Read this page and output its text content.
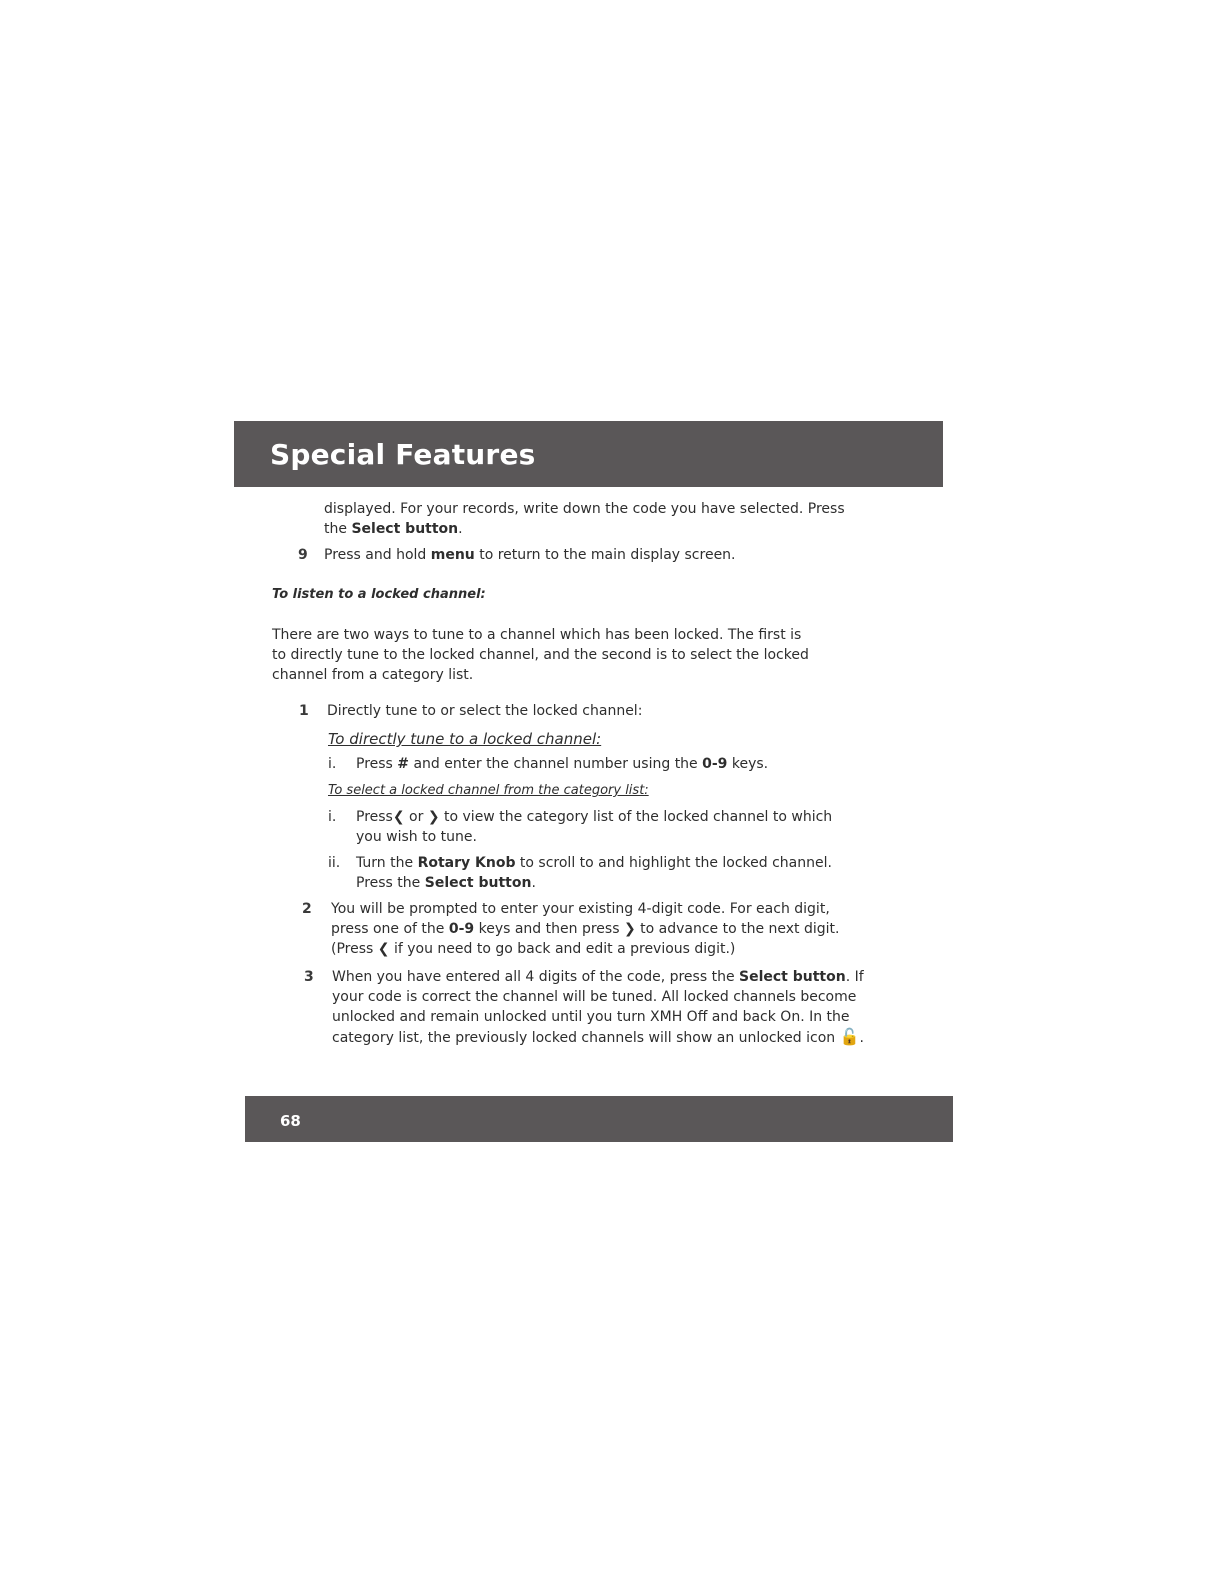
Special Features

displayed. For your records, write down the code you have selected. Press
the Select button.

9 Press and hold menu to return to the main display screen.

To listen to a locked channel:

There are two ways to tune to a channel which has been locked. The first is
to directly tune to the locked channel, and the second is to select the locked
channel from a category list.

1 Directly tune to or select the locked channel:

To directly tune to a locked channel:

i. Press # and enter the channel number using the 0-9 keys.

To select a locked channel from the category list:

i. Press❮ or ❯ to view the category list of the locked channel to which
you wish to tune.
ii. Turn the Rotary Knob to scroll to and highlight the locked channel.
Press the Select button.
2 You will be prompted to enter your existing 4-digit code. For each digit,
press one of the 0-9 keys and then press ❯ to advance to the next digit.
(Press ❮ if you need to go back and edit a previous digit.)
3 When you have entered all 4 digits of the code, press the Select button. If
your code is correct the channel will be tuned. All locked channels become
unlocked and remain unlocked until you turn XMH Off and back On. In the
category list, the previously locked channels will show an unlocked icon 🔓.
68
